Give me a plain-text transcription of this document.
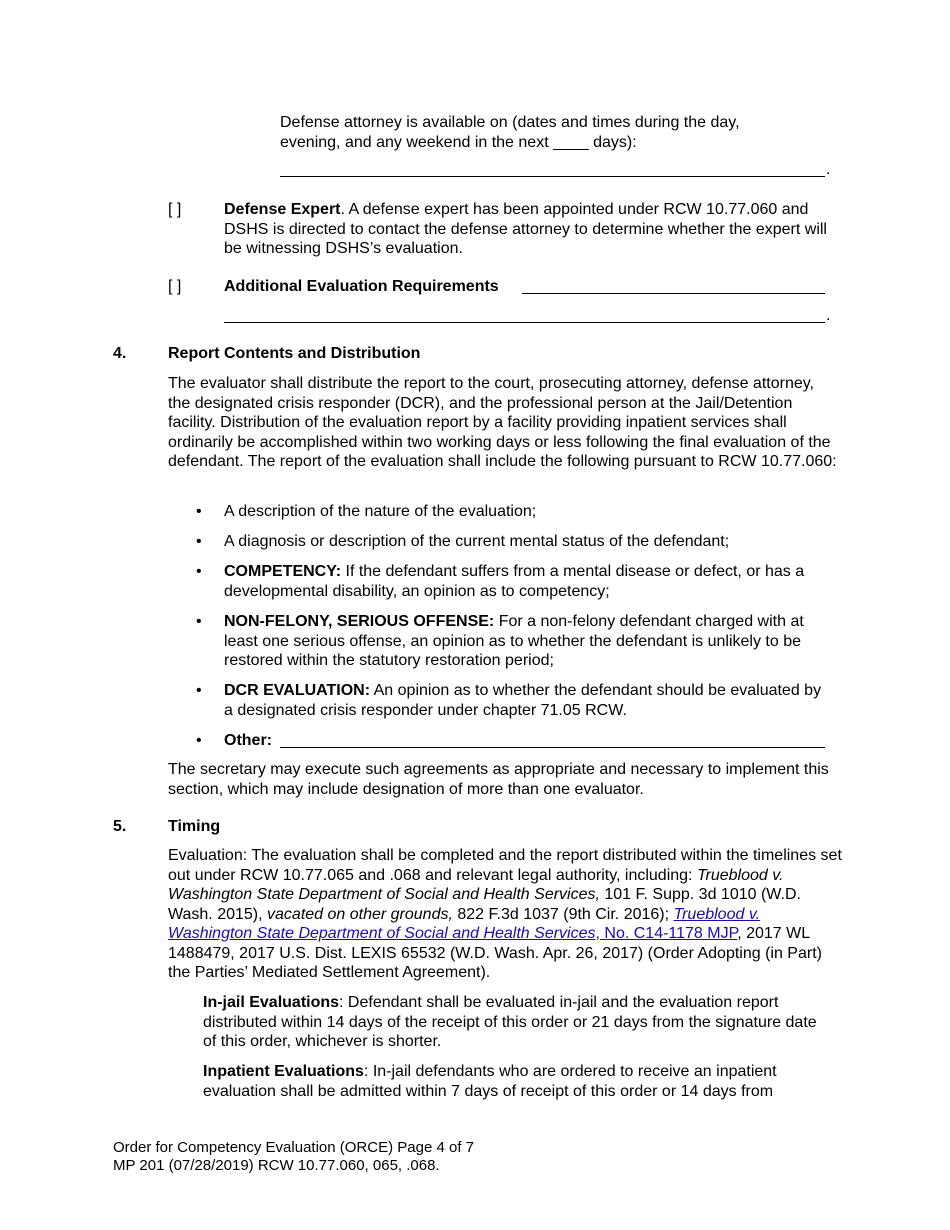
Defense attorney is available on (dates and times during the day,
evening, and any weekend in the next ____ days):
.
[ ]	Defense Expert. A defense expert has been appointed under RCW 10.77.060 and DSHS is directed to contact the defense attorney to determine whether the expert will be witnessing DSHS’s evaluation.

[ ]	Additional Evaluation Requirements
.
4.	Report Contents and Distribution

The evaluator shall distribute the report to the court, prosecuting attorney, defense attorney, the designated crisis responder (DCR), and the professional person at the Jail/Detention facility. Distribution of the evaluation report by a facility providing inpatient services shall ordinarily be accomplished within two working days or less following the final evaluation of the defendant. The report of the evaluation shall include the following pursuant to RCW 10.77.060:

• A description of the nature of the evaluation;

• A diagnosis or description of the current mental status of the defendant;

• COMPETENCY: If the defendant suffers from a mental disease or defect, or has a developmental disability, an opinion as to competency;

• NON-FELONY, SERIOUS OFFENSE: For a non-felony defendant charged with at least one serious offense, an opinion as to whether the defendant is unlikely to be restored within the statutory restoration period;

• DCR EVALUATION: An opinion as to whether the defendant should be evaluated by a designated crisis responder under chapter 71.05 RCW.

• Other:

The secretary may execute such agreements as appropriate and necessary to implement this section, which may include designation of more than one evaluator.

5.	Timing

Evaluation: The evaluation shall be completed and the report distributed within the timelines set out under RCW 10.77.065 and .068 and relevant legal authority, including: Trueblood v. Washington State Department of Social and Health Services, 101 F. Supp. 3d 1010 (W.D. Wash. 2015), vacated on other grounds, 822 F.3d 1037 (9th Cir. 2016); Trueblood v. Washington State Department of Social and Health Services, No. C14-1178 MJP, 2017 WL 1488479, 2017 U.S. Dist. LEXIS 65532 (W.D. Wash. Apr. 26, 2017) (Order Adopting (in Part) the Parties’ Mediated Settlement Agreement).

In-jail Evaluations: Defendant shall be evaluated in-jail and the evaluation report distributed within 14 days of the receipt of this order or 21 days from the signature date of this order, whichever is shorter.

Inpatient Evaluations: In-jail defendants who are ordered to receive an inpatient evaluation shall be admitted within 7 days of receipt of this order or 14 days from

Order for Competency Evaluation (ORCE) Page 4 of 7
MP 201 (07/28/2019) RCW 10.77.060, 065, .068.
